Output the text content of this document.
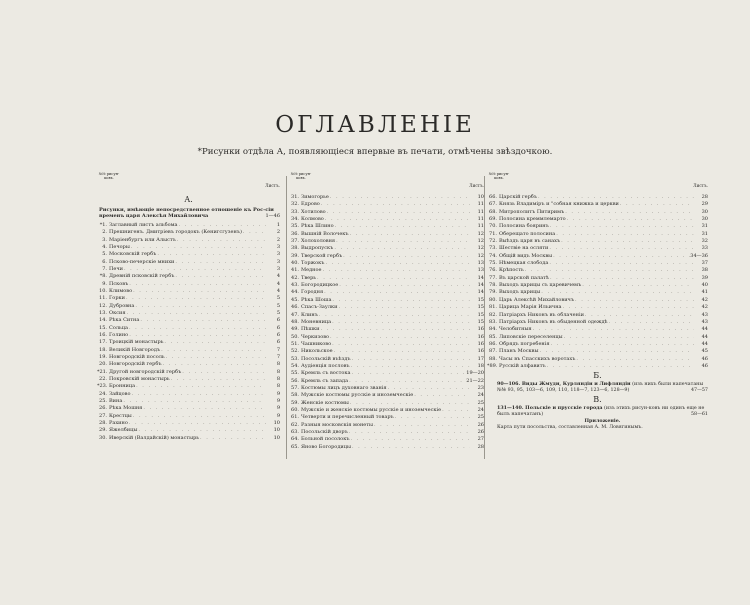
ОГЛАВЛЕНІЕ
*Рисунки отдѣла А, появляющіеся впервые въ печати, отмѣчены звѣздочкою.
№№ рисун-ковъ.
Листъ.
А.
Рисунки, имѣющіе непосредственное отношеніе къ Рос-сіи временъ царя Алексѣя Михайловича	1—46
*1. Заглавный листъ альбома . . .	1
2. Прешнигенъ. Дмитріевъ городокъ (Кенигсгузенъ) . . .	2
3. Маріенбургъ или Алыстъ . . .	2
4. Печоры . . .	3
5. Московскій гербъ . . .	3
6. Псково-печерскіе мниxи . . .	3
7. Печи . . .	3
*8. Древній псковскій гербъ . . .	4
9. Псковъ . . .	4
10. Климово . . .	4
11. Горки . . .	5
12. Дубровна . . .	5
13. Оксия . . .	5
14. Рѣка Ситна . . .	6
15. Сольца . . .	6
16. Голино . . .	6
17. Троицкій монастырь . . .	6
18. Великій Новгородъ . . .	7
19. Новгородскій посоль . . .	7
20. Новгородскій гербъ . . .	8
*21. Другой новгородскій гербъ . . .	8
22. Покровскій монастырь . . .	8
*23. Бронница . . .	8
24. Зайцово . . .	9
25. Вина . . .	9
26. Рѣка Мошня . . .	9
27. Крестцы . . .	9
28. Рахино . . .	10
29. Яжелбицы . . .	10
30. Иверскій (Валдайскій) монастырь . . .	10
№№ рисун-ковъ.
Листъ.
31. Зимогорье . . .	10
32. Едрово . . .	11
33. Хотилово . . .	11
34. Колмово . . .	11
35. Рѣка Шлино . . .	11
36. Вышній Волочекъ . . .	12
37. Холохоловня . . .	12
38. Выдропускъ . . .	12
39. Тверской гербъ . . .	12
40. Торжокъ . . .	13
41. Медное . . .	13
42. Тверь . . .	14
43. Богородицкое . . .	14
44. Городня . . .	14
45. Рѣка Шоша . . .	15
46. Спасъ-Заулки . . .	15
47. Клинъ . . .	15
48. Моневница . . .	15
49. Пѣшки . . .	16
50. Черкизово . . .	16
51. Чашниково . . .	16
52. Никольское . . .	16
53. Посольскій въѣздъ . . .	17
54. Аудіенція пословъ . . .	18
55. Кремль съ востока . . .	19—20
56. Кремль съ запада . . .	21—22
57. Костюмы лицъ духовнаго званія . . .	23
58. Мужскіе костюмы русскіе и иноземческіе . . .	24
59. Женскіе костюмы . . .	25
60. Мужскіе и женскіе костюмы русскіе и иноземческіе . . .	24
61. Четверти и перечисленный товаръ . . .	25
62. Разныя московскія монеты . . .	26
63. Посольскій дворъ . . .	26
64. Больной посолокъ . . .	27
65. Яново Богородицы . . .	28
№№ рисун-ковъ.
Листъ.
66. Царскій гербъ . . .	28
67. Князь Владиміръ и "собная книжка и церкви . . .	29
68. Митрополитъ Питиримъ . . .	30
69. Полосина креммлемарто . . .	30
70. Полосина бояринъ . . .	31
71. Оберещато полосина . . .	31
72. Выѣздъ царя въ санахъ . . .	32
73. Шествіе на осляти . . .	33
74. Общій видъ Москвы . . .	34—36
75. Нѣмецкая слобода . . .	37
76. Крѣпость . . .	38
77. Въ царской палатѣ . . .	39
78. Выходъ царицы съ царевичемъ . . .	40
79. Выходъ царицы . . .	41
80. Царь Алексѣй Михайловичъ . . .	42
81. Царица Марія Ильична . . .	42
82. Патріархъ Никонъ въ облаченіи . . .	43
83. Патріархъ Никонъ въ обыденной одеждѣ . . .	43
84. Челобитныя . . .	44
85. Липовскіе переселенцы . . .	44
86. Обрядъ погребенія . . .	44
87. Планъ Москвы . . .	45
88. Часы въ Спасскихъ воротахъ . . .	46
*89. Русскій алфавитъ . . .	46
Б.
90—106. Виды Жмуди, Курляндіи и Лифляндіи (изъ нихъ были напечатаны №№ 93, 95, 103—6, 109, 110, 118—7, 123—6, 128—9)	47—57
В.
131—140. Польскіе и прусскіе города (изъ этихъ рисун-ковъ ни одинъ еще не былъ напечатанъ)	58—61
Приложеніе.
Карта пути посольства, составленная А. М. Ловягинымъ.
